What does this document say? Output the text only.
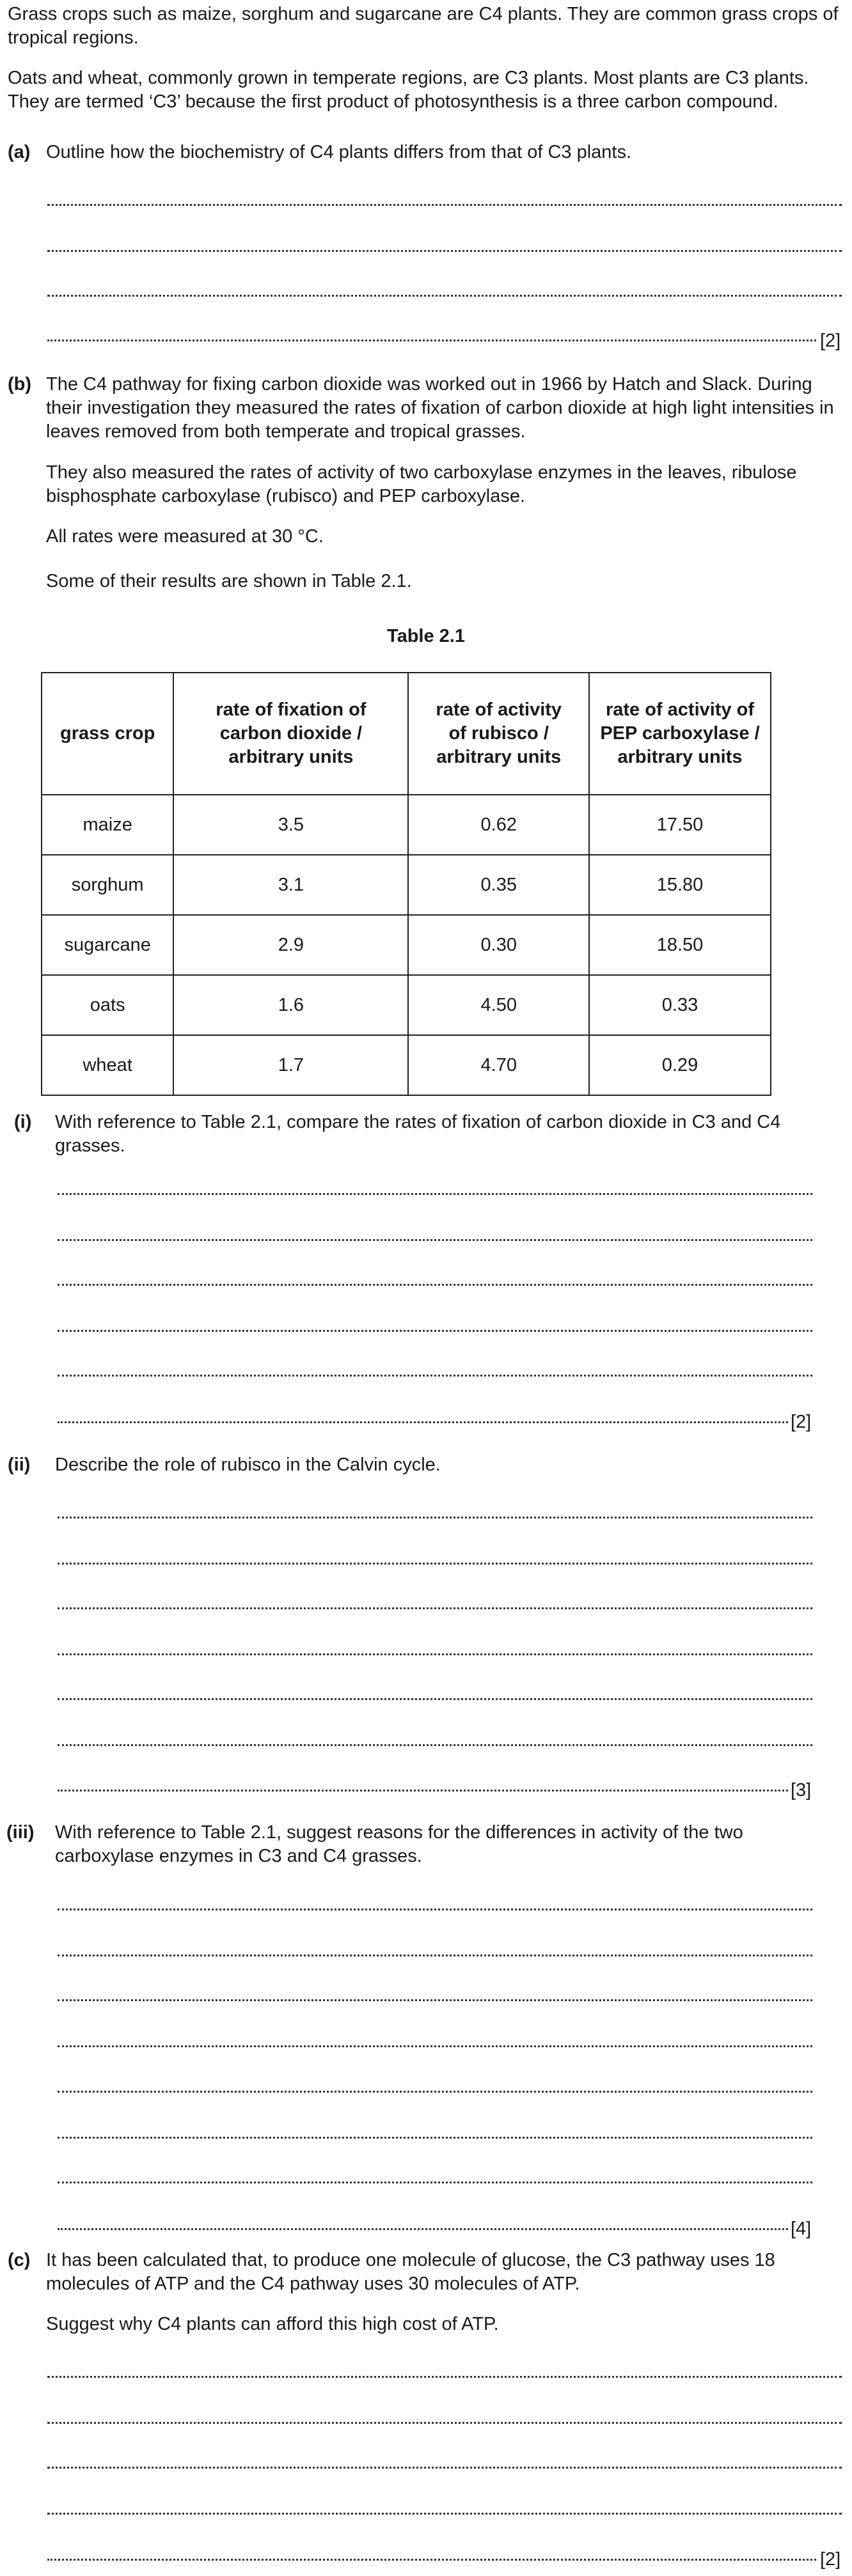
Grass crops such as maize, sorghum and sugarcane are C4 plants. They are common grass crops of tropical regions.
Oats and wheat, commonly grown in temperate regions, are C3 plants. Most plants are C3 plants. They are termed ‘C3’ because the first product of photosynthesis is a three carbon compound.
(a) Outline how the biochemistry of C4 plants differs from that of C3 plants.
[2]
(b) The C4 pathway for fixing carbon dioxide was worked out in 1966 by Hatch and Slack. During their investigation they measured the rates of fixation of carbon dioxide at high light intensities in leaves removed from both temperate and tropical grasses.
They also measured the rates of activity of two carboxylase enzymes in the leaves, ribulose bisphosphate carboxylase (rubisco) and PEP carboxylase.
All rates were measured at 30 °C.
Some of their results are shown in Table 2.1.
Table 2.1
grass crop	rate of fixation of carbon dioxide / arbitrary units	rate of activity of rubisco / arbitrary units	rate of activity of PEP carboxylase / arbitrary units

maize	3.5	0.62	17.50
sorghum	3.1	0.35	15.80
sugarcane	2.9	0.30	18.50
oats	1.6	4.50	0.33
wheat	1.7	4.70	0.29
(i) With reference to Table 2.1, compare the rates of fixation of carbon dioxide in C3 and C4 grasses.
[2]
(ii) Describe the role of rubisco in the Calvin cycle.
[3]
(iii) With reference to Table 2.1, suggest reasons for the differences in activity of the two carboxylase enzymes in C3 and C4 grasses.
[4]
(c) It has been calculated that, to produce one molecule of glucose, the C3 pathway uses 18 molecules of ATP and the C4 pathway uses 30 molecules of ATP.
Suggest why C4 plants can afford this high cost of ATP.
[2]
